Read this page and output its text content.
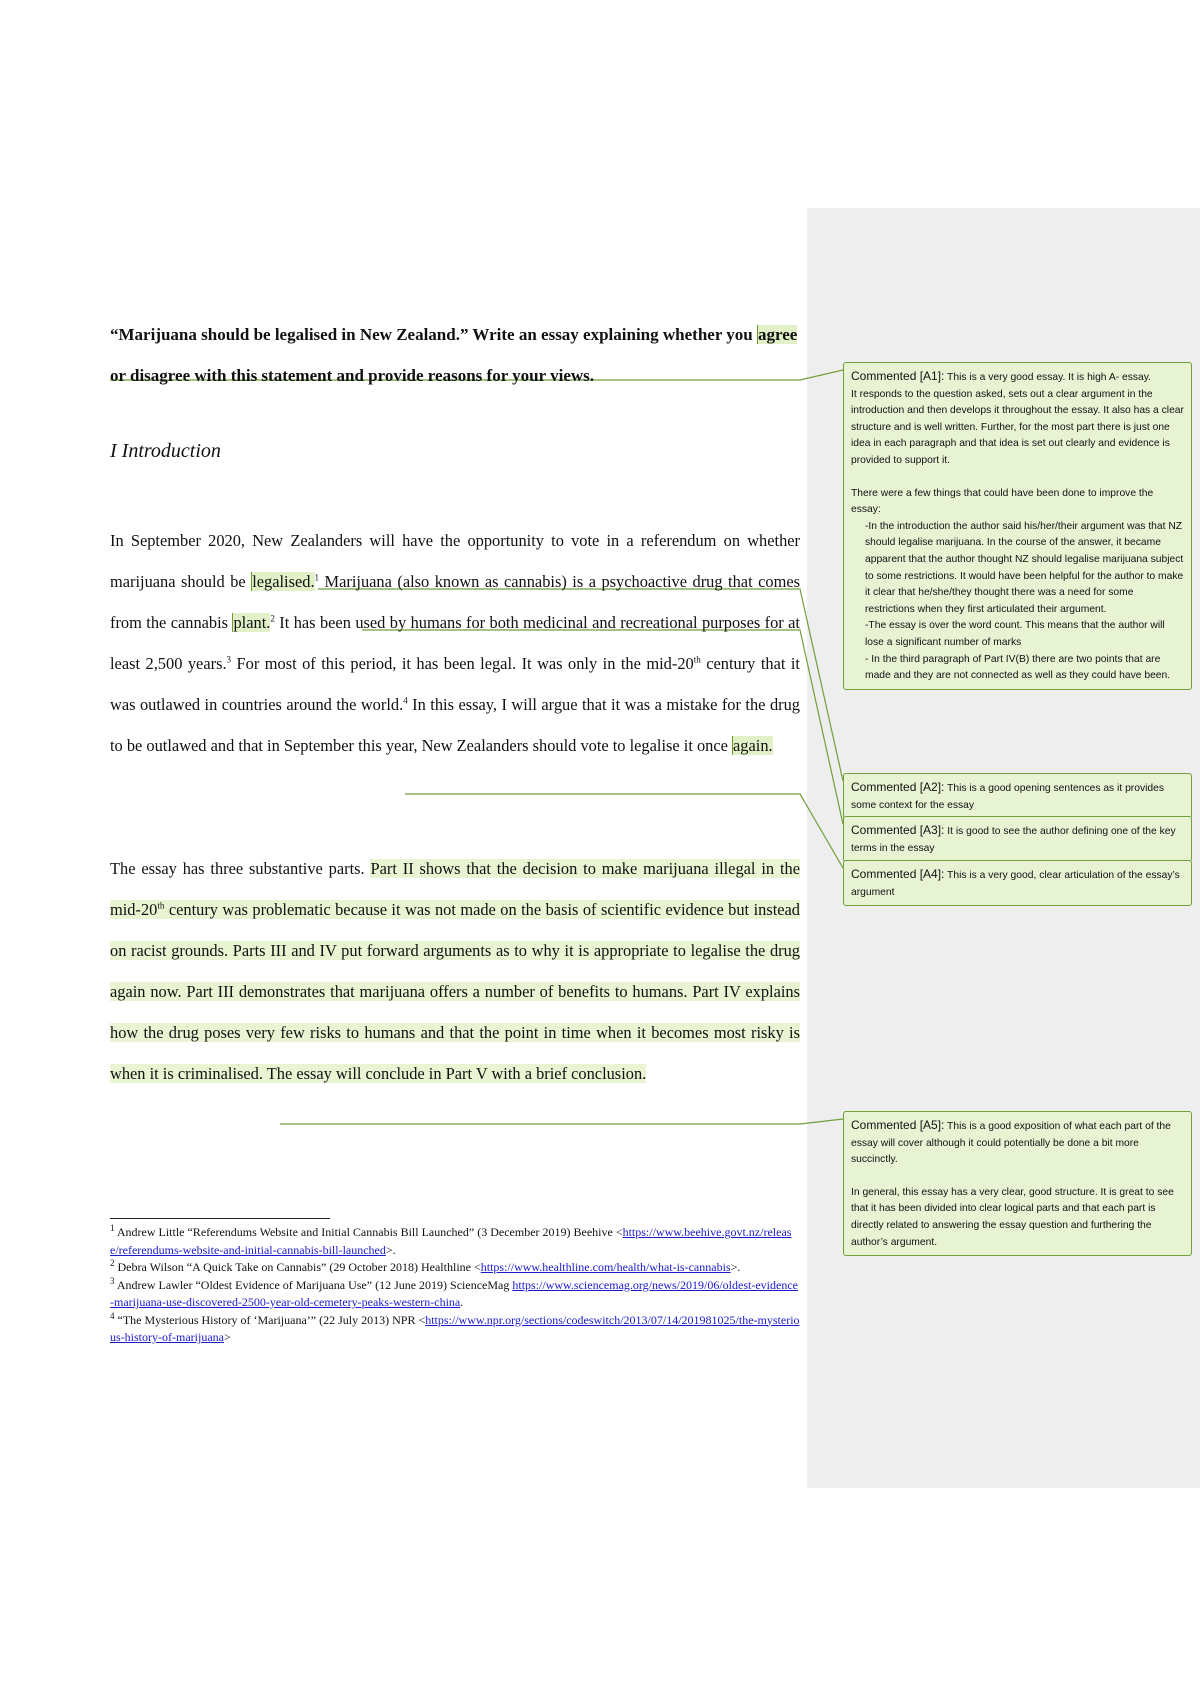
“Marijuana should be legalised in New Zealand.” Write an essay explaining whether you agree or disagree with this statement and provide reasons for your views.

I Introduction

In September 2020, New Zealanders will have the opportunity to vote in a referendum on whether marijuana should be legalised.$^1$ Marijuana (also known as cannabis) is a psychoactive drug that comes from the cannabis plant.$^2$ It has been used by humans for both medicinal and recreational purposes for at least 2,500 years.$^3$ For most of this period, it has been legal. It was only in the mid-20th century that it was outlawed in countries around the world.$^4$ In this essay, I will argue that it was a mistake for the drug to be outlawed and that in September this year, New Zealanders should vote to legalise it once again.

The essay has three substantive parts. Part II shows that the decision to make marijuana illegal in the mid-20th century was problematic because it was not made on the basis of scientific evidence but instead on racist grounds. Parts III and IV put forward arguments as to why it is appropriate to legalise the drug again now. Part III demonstrates that marijuana offers a number of benefits to humans. Part IV explains how the drug poses very few risks to humans and that the point in time when it becomes most risky is when it is criminalised. The essay will conclude in Part V with a brief conclusion.

$^1$ Andrew Little “Referendums Website and Initial Cannabis Bill Launched” (3 December 2019) Beehive <https://www.beehive.govt.nz/release/referendums-website-and-initial-cannabis-bill-launched>.

$^2$ Debra Wilson “A Quick Take on Cannabis” (29 October 2018) Healthline <https://www.healthline.com/health/what-is-cannabis>.

$^3$ Andrew Lawler “Oldest Evidence of Marijuana Use” (12 June 2019) ScienceMag https://www.sciencemag.org/news/2019/06/oldest-evidence-marijuana-use-discovered-2500-year-old-cemetery-peaks-western-china.

$^4$ “The Mysterious History of ‘Marijuana’” (22 July 2013) NPR <https://www.npr.org/sections/codeswitch/2013/07/14/201981025/the-mysterious-history-of-marijuana>

Commented [A1]: This is a very good essay. It is high A- essay.

It responds to the question asked, sets out a clear argument in the introduction and then develops it throughout the essay. It also has a clear structure and is well written. Further, for the most part there is just one idea in each paragraph and that idea is set out clearly and evidence is provided to support it.

There were a few things that could have been done to improve the essay:

-In the introduction the author said his/her/their argument was that NZ should legalise marijuana. In the course of the answer, it became apparent that the author thought NZ should legalise marijuana subject to some restrictions. It would have been helpful for the author to make it clear that he/she/they thought there was a need for some restrictions when they first articulated their argument.

-The essay is over the word count. This means that the author will lose a significant number of marks

- In the third paragraph of Part IV(B) there are two points that are made and they are not connected as well as they could have been.

Commented [A2]: This is a good opening sentences as it provides some context for the essay

Commented [A3]: It is good to see the author defining one of the key terms in the essay

Commented [A4]: This is a very good, clear articulation of the essay’s argument

Commented [A5]: This is a good exposition of what each part of the essay will cover although it could potentially be done a bit more succinctly.

In general, this essay has a very clear, good structure. It is great to see that it has been divided into clear logical parts and that each part is directly related to answering the essay question and furthering the author’s argument.
